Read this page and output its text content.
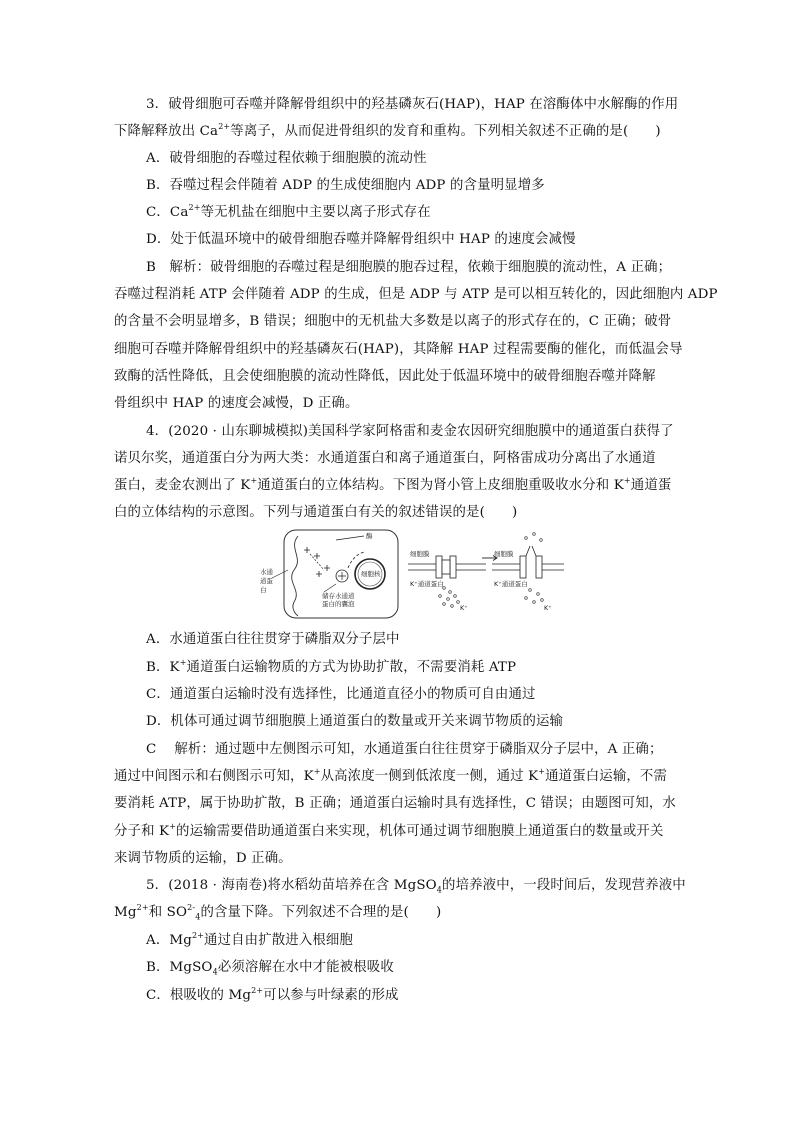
3．破骨细胞可吞噬并降解骨组织中的羟基磷灰石(HAP)，HAP 在溶酶体中水解酶的作用
下降解释放出 $Ca^{2+}$等离子，从而促进骨组织的发育和重构。下列相关叙述不正确的是(　　)
A．破骨细胞的吞噬过程依赖于细胞膜的流动性
B．吞噬过程会伴随着 ADP 的生成使细胞内 ADP 的含量明显增多
C．$Ca^{2+}$等无机盐在细胞中主要以离子形式存在
D．处于低温环境中的破骨细胞吞噬并降解骨组织中 HAP 的速度会减慢
B　解析：破骨细胞的吞噬过程是细胞膜的胞吞过程，依赖于细胞膜的流动性，A 正确；
吞噬过程消耗 ATP 会伴随着 ADP 的生成，但是 ADP 与 ATP 是可以相互转化的，因此细胞内 ADP
的含量不会明显增多，B 错误；细胞中的无机盐大多数是以离子的形式存在的，C 正确；破骨
细胞可吞噬并降解骨组织中的羟基磷灰石(HAP)，其降解 HAP 过程需要酶的催化，而低温会导
致酶的活性降低，且会使细胞膜的流动性降低，因此处于低温环境中的破骨细胞吞噬并降解
骨组织中 HAP 的速度会减慢，D 正确。
4．(2020 · 山东聊城模拟)美国科学家阿格雷和麦金农因研究细胞膜中的通道蛋白获得了
诺贝尔奖，通道蛋白分为两大类：水通道蛋白和离子通道蛋白，阿格雷成功分离出了水通道
蛋白，麦金农测出了 K+通道蛋白的立体结构。下图为肾小管上皮细胞重吸收水分和 K+通道蛋
白的立体结构的示意图。下列与通道蛋白有关的叙述错误的是(　　)
酶
细胞核
储存水通道
蛋白的囊泡
水通
道蛋
白
细胞膜
K⁺通道蛋白
K⁺
细胞膜
K⁺通道蛋白
K⁺
A．水通道蛋白往往贯穿于磷脂双分子层中
B．K+通道蛋白运输物质的方式为协助扩散，不需要消耗 ATP
C．通道蛋白运输时没有选择性，比通道直径小的物质可自由通过
D．机体可通过调节细胞膜上通道蛋白的数量或开关来调节物质的运输
C　 解析：通过题中左侧图示可知，水通道蛋白往往贯穿于磷脂双分子层中，A 正确；
通过中间图示和右侧图示可知，K+从高浓度一侧到低浓度一侧，通过 K+通道蛋白运输，不需
要消耗 ATP，属于协助扩散，B 正确；通道蛋白运输时具有选择性，C 错误；由题图可知，水
分子和 K+的运输需要借助通道蛋白来实现，机体可通过调节细胞膜上通道蛋白的数量或开关
来调节物质的运输，D 正确。
5．(2018 · 海南卷)将水稻幼苗培养在含 MgSO$_4$的培养液中，一段时间后，发现营养液中
$Mg^{2+}$和 $SO^{2-}_4$的含量下降。下列叙述不合理的是(　　)
A．$Mg^{2+}$通过自由扩散进入根细胞
B．MgSO$_4$必须溶解在水中才能被根吸收
C．根吸收的 $Mg^{2+}$可以参与叶绿素的形成
